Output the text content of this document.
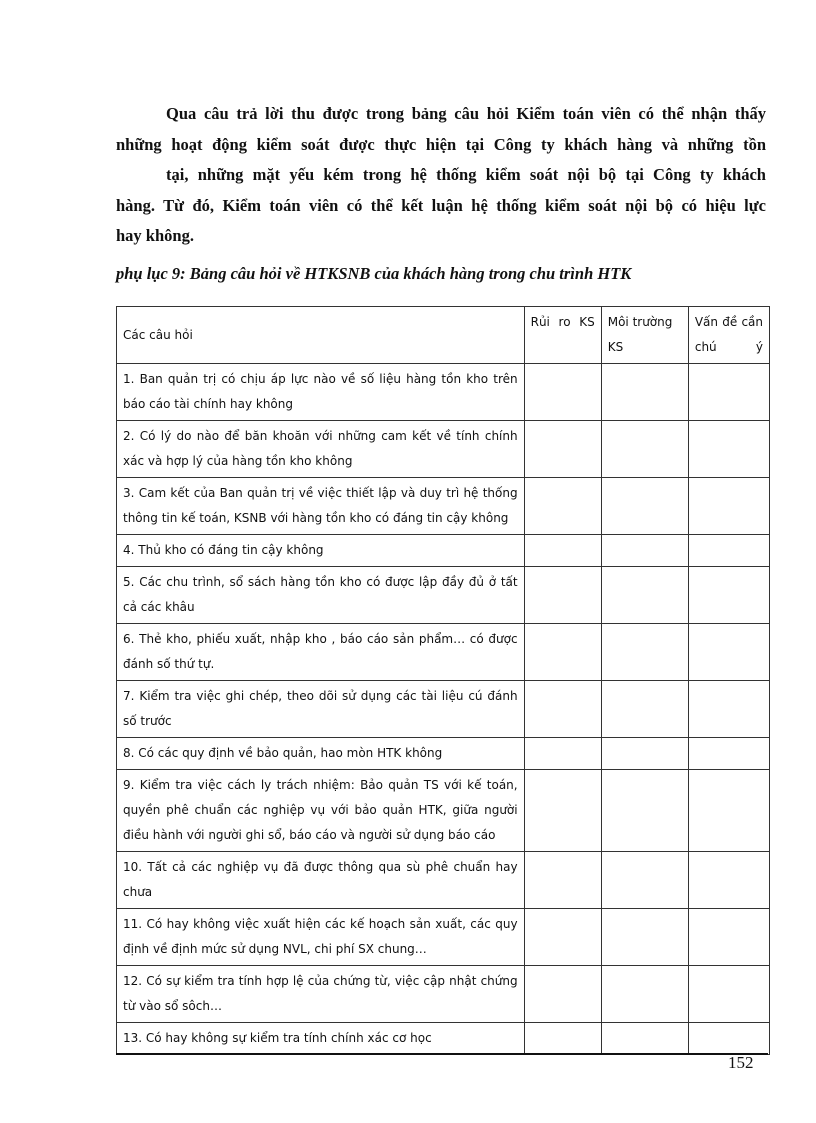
Qua câu trả lời thu được trong bảng câu hỏi Kiểm toán viên có thể nhận thấy
những hoạt động kiểm soát được thực hiện tại Công ty khách hàng và những tồn
tại, những mặt yếu kém trong hệ thống kiểm soát nội bộ tại Công ty khách
hàng. Từ đó, Kiểm toán viên có thể kết luận hệ thống kiểm soát nội bộ có hiệu lực
hay không.
phụ lục 9: Bảng câu hỏi về HTKSNB của khách hàng trong chu trình HTK
Các câu hỏi	Rủi ro KS	Môi trường KS	Vấn đề cần chú ý

1. Ban quản trị có chịu áp lực nào về số liệu hàng tồn kho trên báo cáo tài chính hay không			
2. Có lý do nào để băn khoăn với những cam kết về tính chính xác và hợp lý của hàng tồn kho không			
3. Cam kết của Ban quản trị về việc thiết lập và duy trì hệ thống thông tin kế toán, KSNB với hàng tồn kho có đáng tin cậy không			
4. Thủ kho có đáng tin cậy không			
5. Các chu trình, sổ sách hàng tồn kho có được lập đầy đủ ở tất cả các khâu			
6. Thẻ kho, phiếu xuất, nhập kho , báo cáo sản phẩm… có được đánh số thứ tự.			
7. Kiểm tra việc ghi chép, theo dõi sử dụng các tài liệu cú đánh số trước			
8. Có các quy định về bảo quản, hao mòn HTK không			
9. Kiểm tra việc cách ly trách nhiệm: Bảo quản TS với kế toán, quyền phê chuẩn các nghiệp vụ với bảo quản HTK, giữa người điều hành với người ghi sổ, báo cáo và người sử dụng báo cáo			
10. Tất cả các nghiệp vụ đã được thông qua sù phê chuẩn hay chưa			
11. Có hay không việc xuất hiện các kế hoạch sản xuất, các quy định về định mức sử dụng NVL, chi phí SX chung…			
12. Có sự kiểm tra tính hợp lệ của chứng từ, việc cập nhật chứng từ vào sổ sôch…			
13. Có hay không sự kiểm tra tính chính xác cơ học			
152
